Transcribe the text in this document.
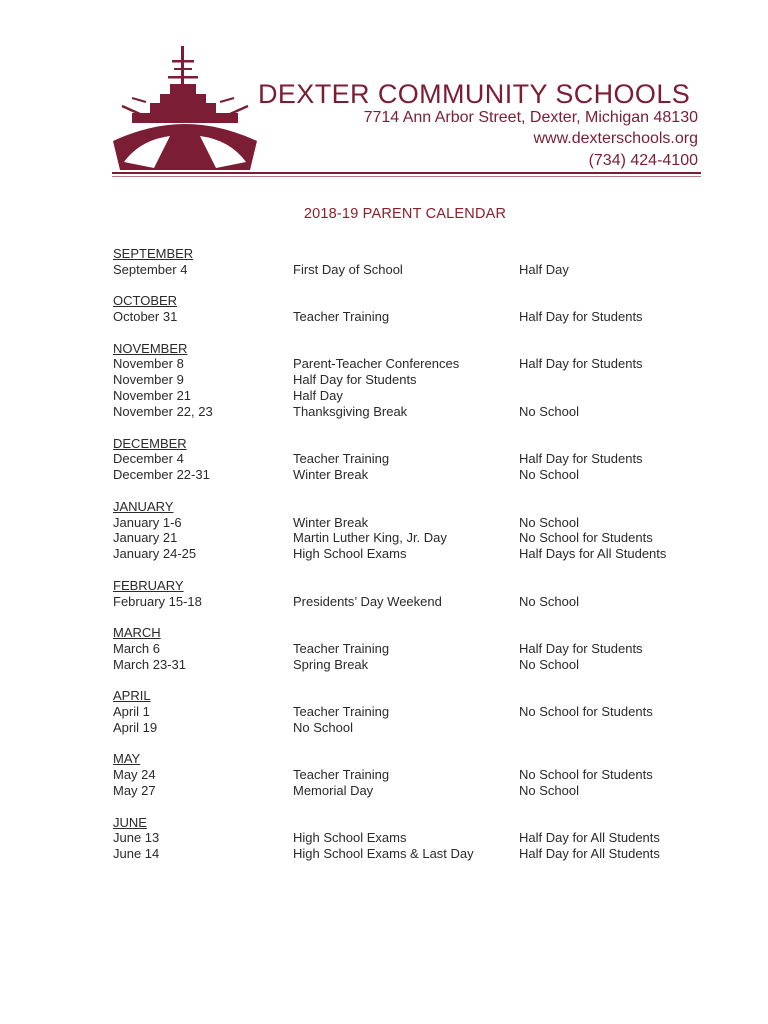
DEXTER COMMUNITY SCHOOLS
7714 Ann Arbor Street, Dexter, Michigan 48130
www.dexterschools.org
(734) 424-4100
2018-19 PARENT CALENDAR
SEPTEMBER
September 4	First Day of School	Half Day
OCTOBER
October 31	Teacher Training	Half Day for Students
NOVEMBER
November 8	Parent-Teacher Conferences	Half Day for Students
November 9	Half Day for Students
November 21	Half Day
November 22, 23	Thanksgiving Break	No School
DECEMBER
December 4	Teacher Training	Half Day for Students
December 22-31	Winter Break	No School
JANUARY
January 1-6	Winter Break	No School
January 21	Martin Luther King, Jr. Day	No School for Students
January 24-25	High School Exams	Half Days for All Students
FEBRUARY
February 15-18	Presidents’ Day Weekend	No School
MARCH
March 6	Teacher Training	Half Day for Students
March 23-31	Spring Break	No School
APRIL
April 1	Teacher Training	No School for Students
April 19	No School
MAY
May 24	Teacher Training	No School for Students
May 27	Memorial Day	No School
JUNE
June 13	High School Exams	Half Day for All Students
June 14	High School Exams & Last Day	Half Day for All Students
